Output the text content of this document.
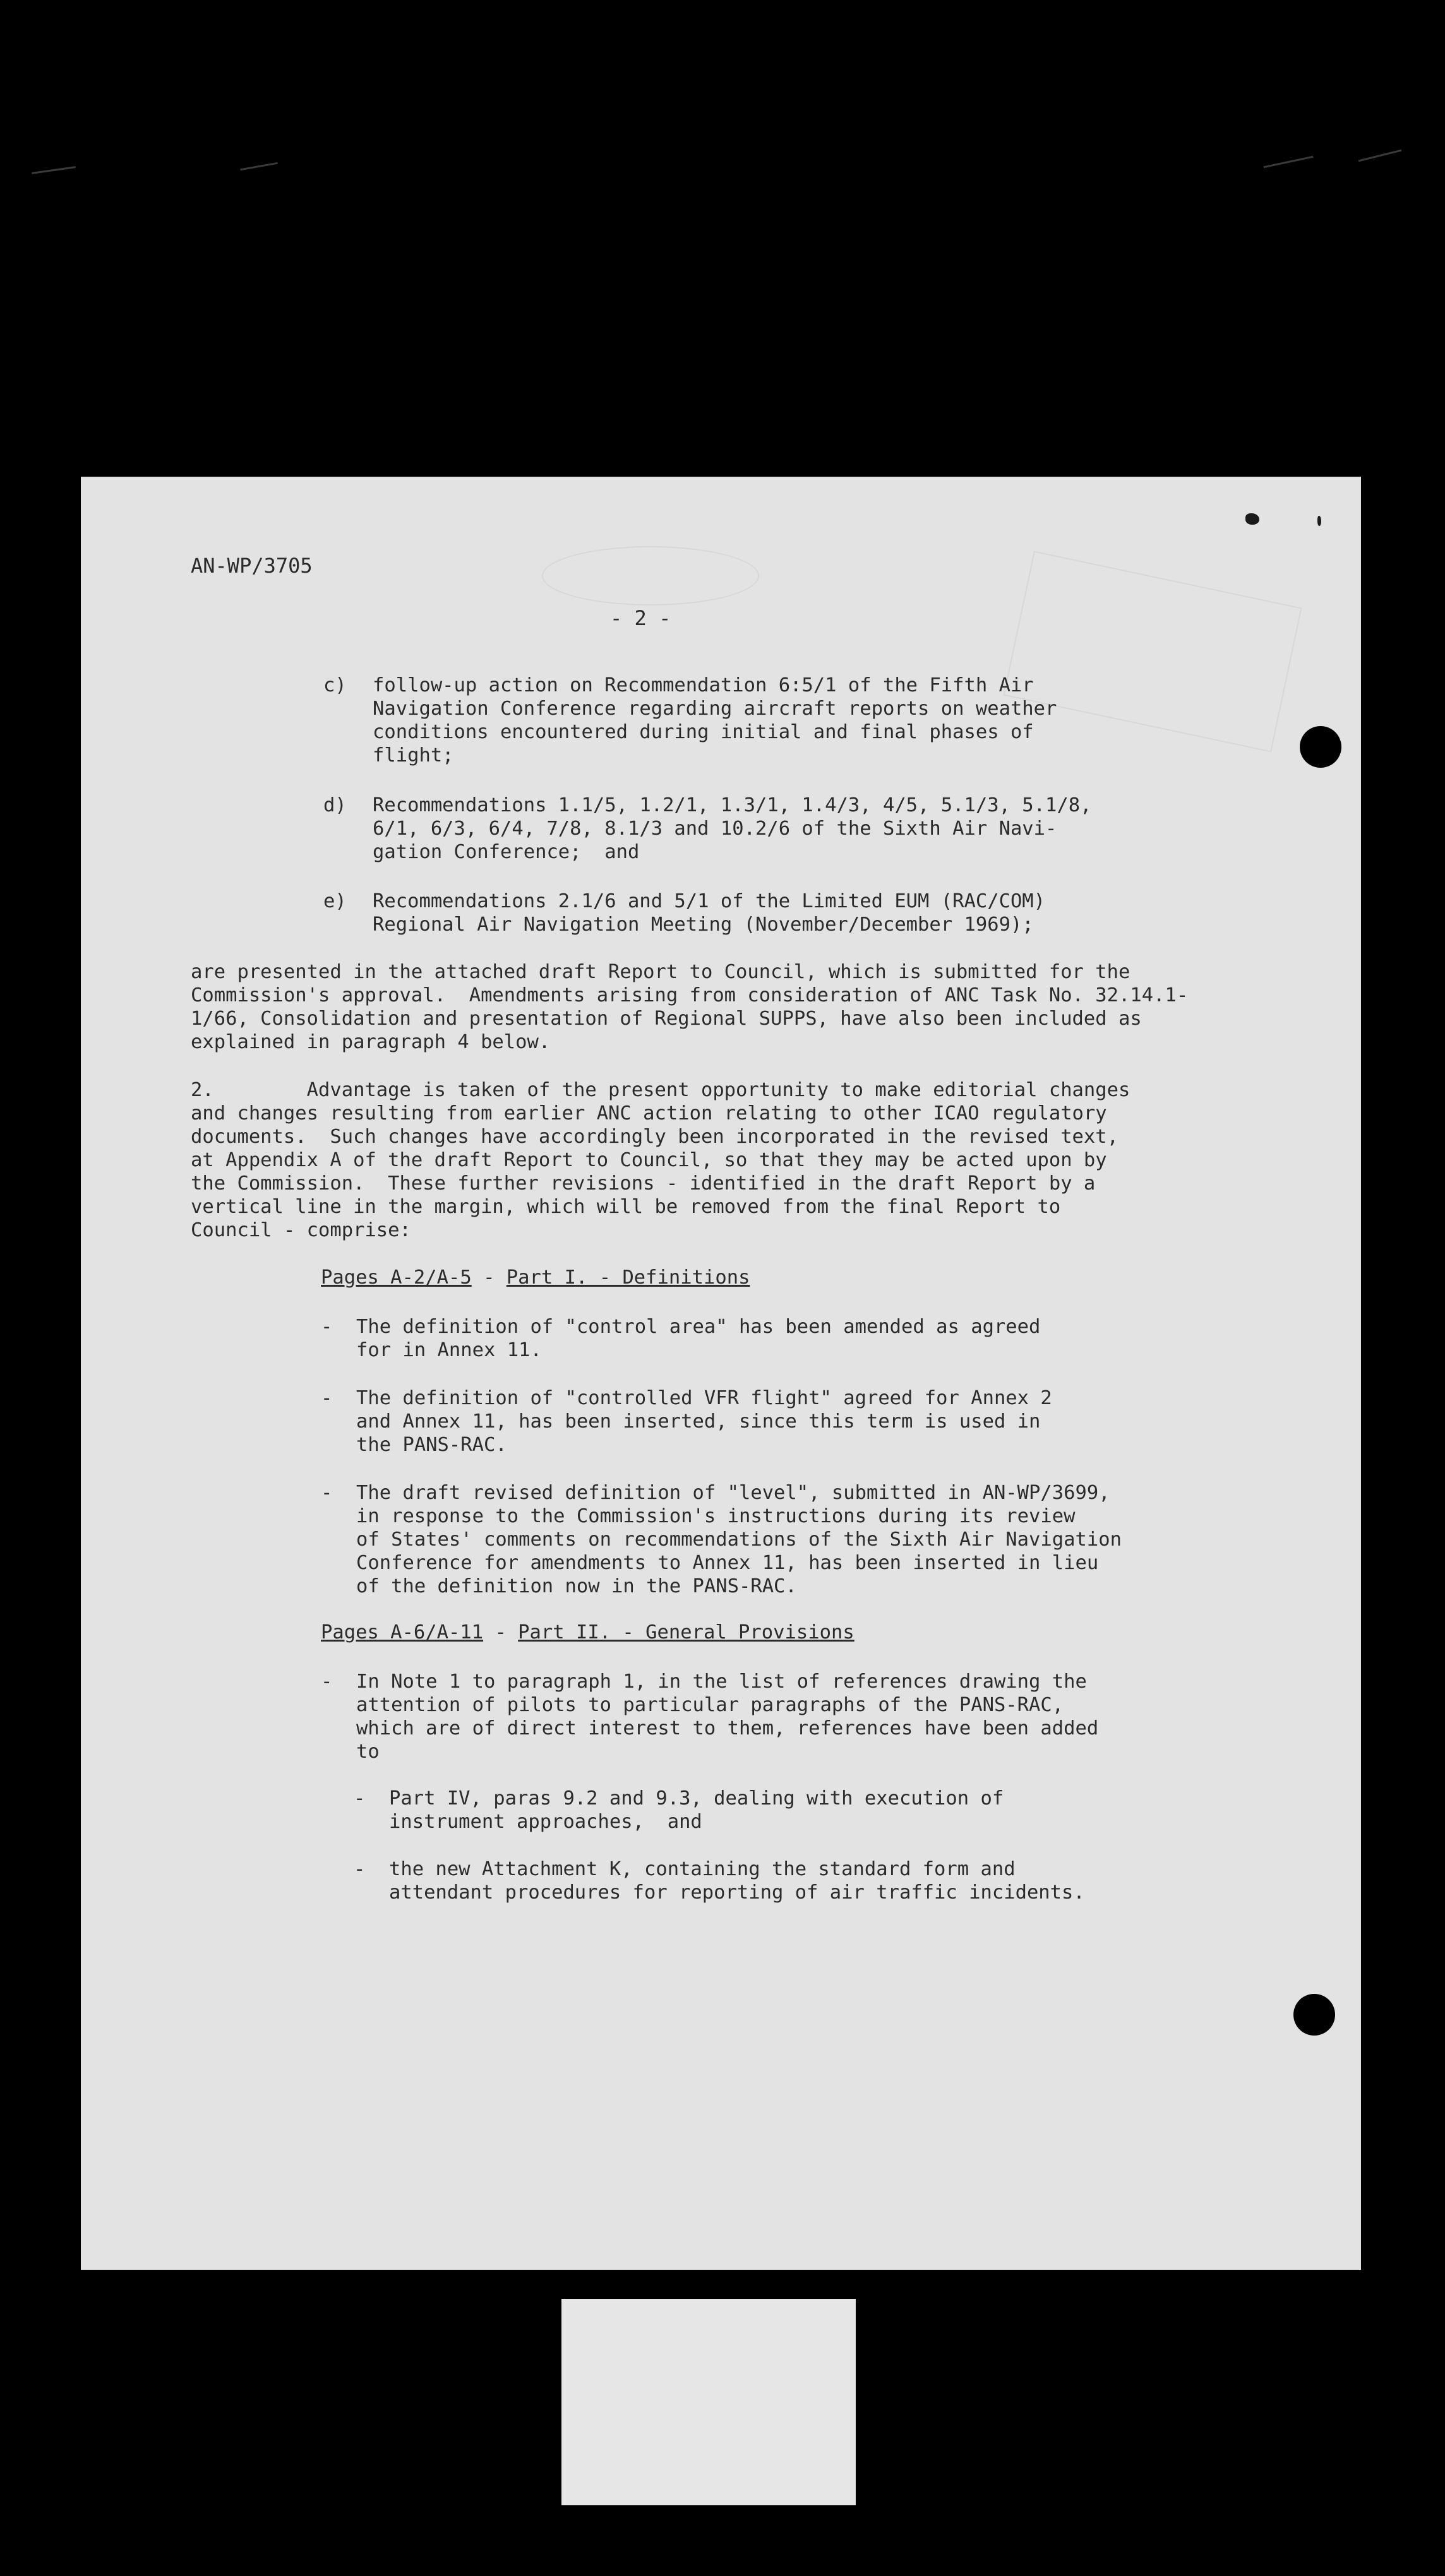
AN-WP/3705
- 2 -
c) follow-up action on Recommendation 6:5/1 of the Fifth Air
Navigation Conference regarding aircraft reports on weather
conditions encountered during initial and final phases of
flight;
d) Recommendations 1.1/5, 1.2/1, 1.3/1, 1.4/3, 4/5, 5.1/3, 5.1/8,
6/1, 6/3, 6/4, 7/8, 8.1/3 and 10.2/6 of the Sixth Air Navi-
gation Conference;  and
e) Recommendations 2.1/6 and 5/1 of the Limited EUM (RAC/COM)
Regional Air Navigation Meeting (November/December 1969);
are presented in the attached draft Report to Council, which is submitted for the
Commission's approval.  Amendments arising from consideration of ANC Task No. 32.14.1-
1/66, Consolidation and presentation of Regional SUPPS, have also been included as
explained in paragraph 4 below.
2.        Advantage is taken of the present opportunity to make editorial changes
and changes resulting from earlier ANC action relating to other ICAO regulatory
documents.  Such changes have accordingly been incorporated in the revised text,
at Appendix A of the draft Report to Council, so that they may be acted upon by
the Commission.  These further revisions - identified in the draft Report by a
vertical line in the margin, which will be removed from the final Report to
Council - comprise:
Pages A-2/A-5 - Part I. - Definitions
- The definition of "control area" has been amended as agreed
for in Annex 11.
- The definition of "controlled VFR flight" agreed for Annex 2
and Annex 11, has been inserted, since this term is used in
the PANS-RAC.
- The draft revised definition of "level", submitted in AN-WP/3699,
in response to the Commission's instructions during its review
of States' comments on recommendations of the Sixth Air Navigation
Conference for amendments to Annex 11, has been inserted in lieu
of the definition now in the PANS-RAC.
Pages A-6/A-11 - Part II. - General Provisions
- In Note 1 to paragraph 1, in the list of references drawing the
attention of pilots to particular paragraphs of the PANS-RAC,
which are of direct interest to them, references have been added
to
- Part IV, paras 9.2 and 9.3, dealing with execution of
instrument approaches,  and
- the new Attachment K, containing the standard form and
attendant procedures for reporting of air traffic incidents.
